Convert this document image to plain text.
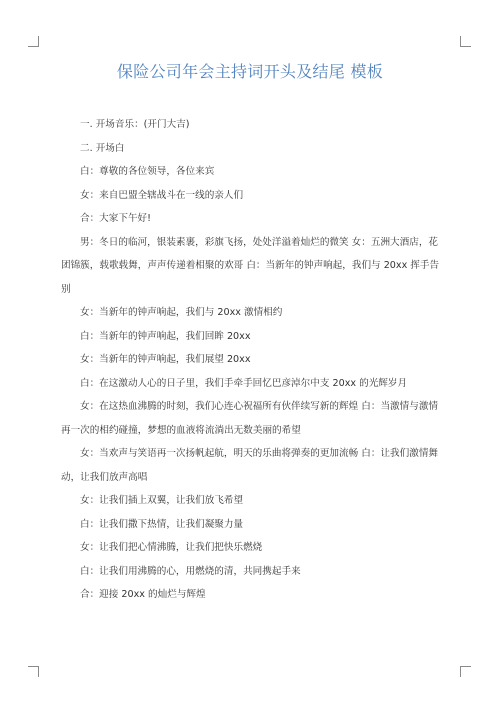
保险公司年会主持词开头及结尾 模板

一. 开场音乐：(开门大吉)

二. 开场白

白：尊敬的各位领导，各位来宾

女：来自巴盟全辖战斗在一线的亲人们

合：大家下午好!

男：冬日的临河，银装素裹，彩旗飞扬，处处洋溢着灿烂的微笑 女：五洲大酒店，花团锦簇，载歌载舞，声声传递着相聚的欢哥 白：当新年的钟声响起，我们与 20xx 挥手告别

女：当新年的钟声响起，我们与 20xx 激情相约

白：当新年的钟声响起，我们回眸 20xx

女：当新年的钟声响起，我们展望 20xx

白：在这激动人心的日子里，我们手牵手回忆巴彦淖尔中支 20xx 的光辉岁月

女：在这热血沸腾的时刻，我们心连心祝福所有伙伴续写新的辉煌 白：当激情与激情再一次的相约碰撞，梦想的血液将流淌出无数美丽的希望

女：当欢声与笑语再一次扬帆起航，明天的乐曲将弹奏的更加流畅 白：让我们激情舞动，让我们放声高唱

女：让我们插上双翼，让我们放飞希望

白：让我们撒下热情，让我们凝聚力量

女：让我们把心情沸腾，让我们把快乐燃烧

白：让我们用沸腾的心，用燃烧的清，共同携起手来

合：迎接 20xx 的灿烂与辉煌
